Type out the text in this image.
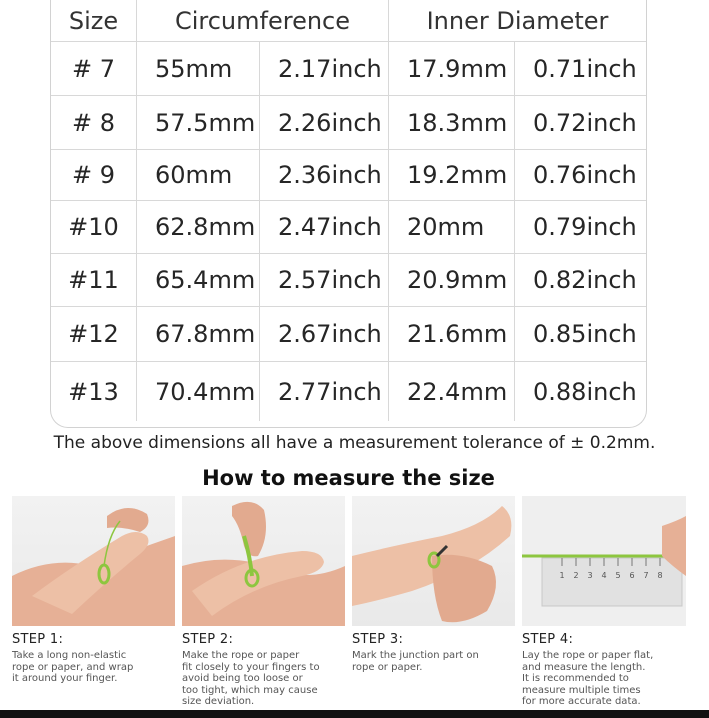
Size	Circumference	Inner Diameter
# 7	55mm	2.17inch	17.9mm	0.71inch
# 8	57.5mm 2.26inch	18.3mm	0.72inch
# 9	60mm	2.36inch	19.2mm	0.76inch
#10	62.8mm 2.47inch	20mm	0.79inch
#11	65.4mm 2.57inch	20.9mm	0.82inch
#12	67.8mm 2.67inch	21.6mm	0.85inch
#13	70.4mm 2.77inch	22.4mm	0.88inch
The above dimensions all have a measurement tolerance of ± 0.2mm.
How to measure the size
1 2 3 4 5 6 7 8
STEP 1:
Take a long non-elastic
rope or paper, and wrap
it around your finger.
STEP 2:
Make the rope or paper
fit closely to your fingers to
avoid being too loose or
too tight, which may cause
size deviation.
STEP 3:
Mark the junction part on
rope or paper.
STEP 4:
Lay the rope or paper flat,
and measure the length.
It is recommended to
measure multiple times
for more accurate data.
